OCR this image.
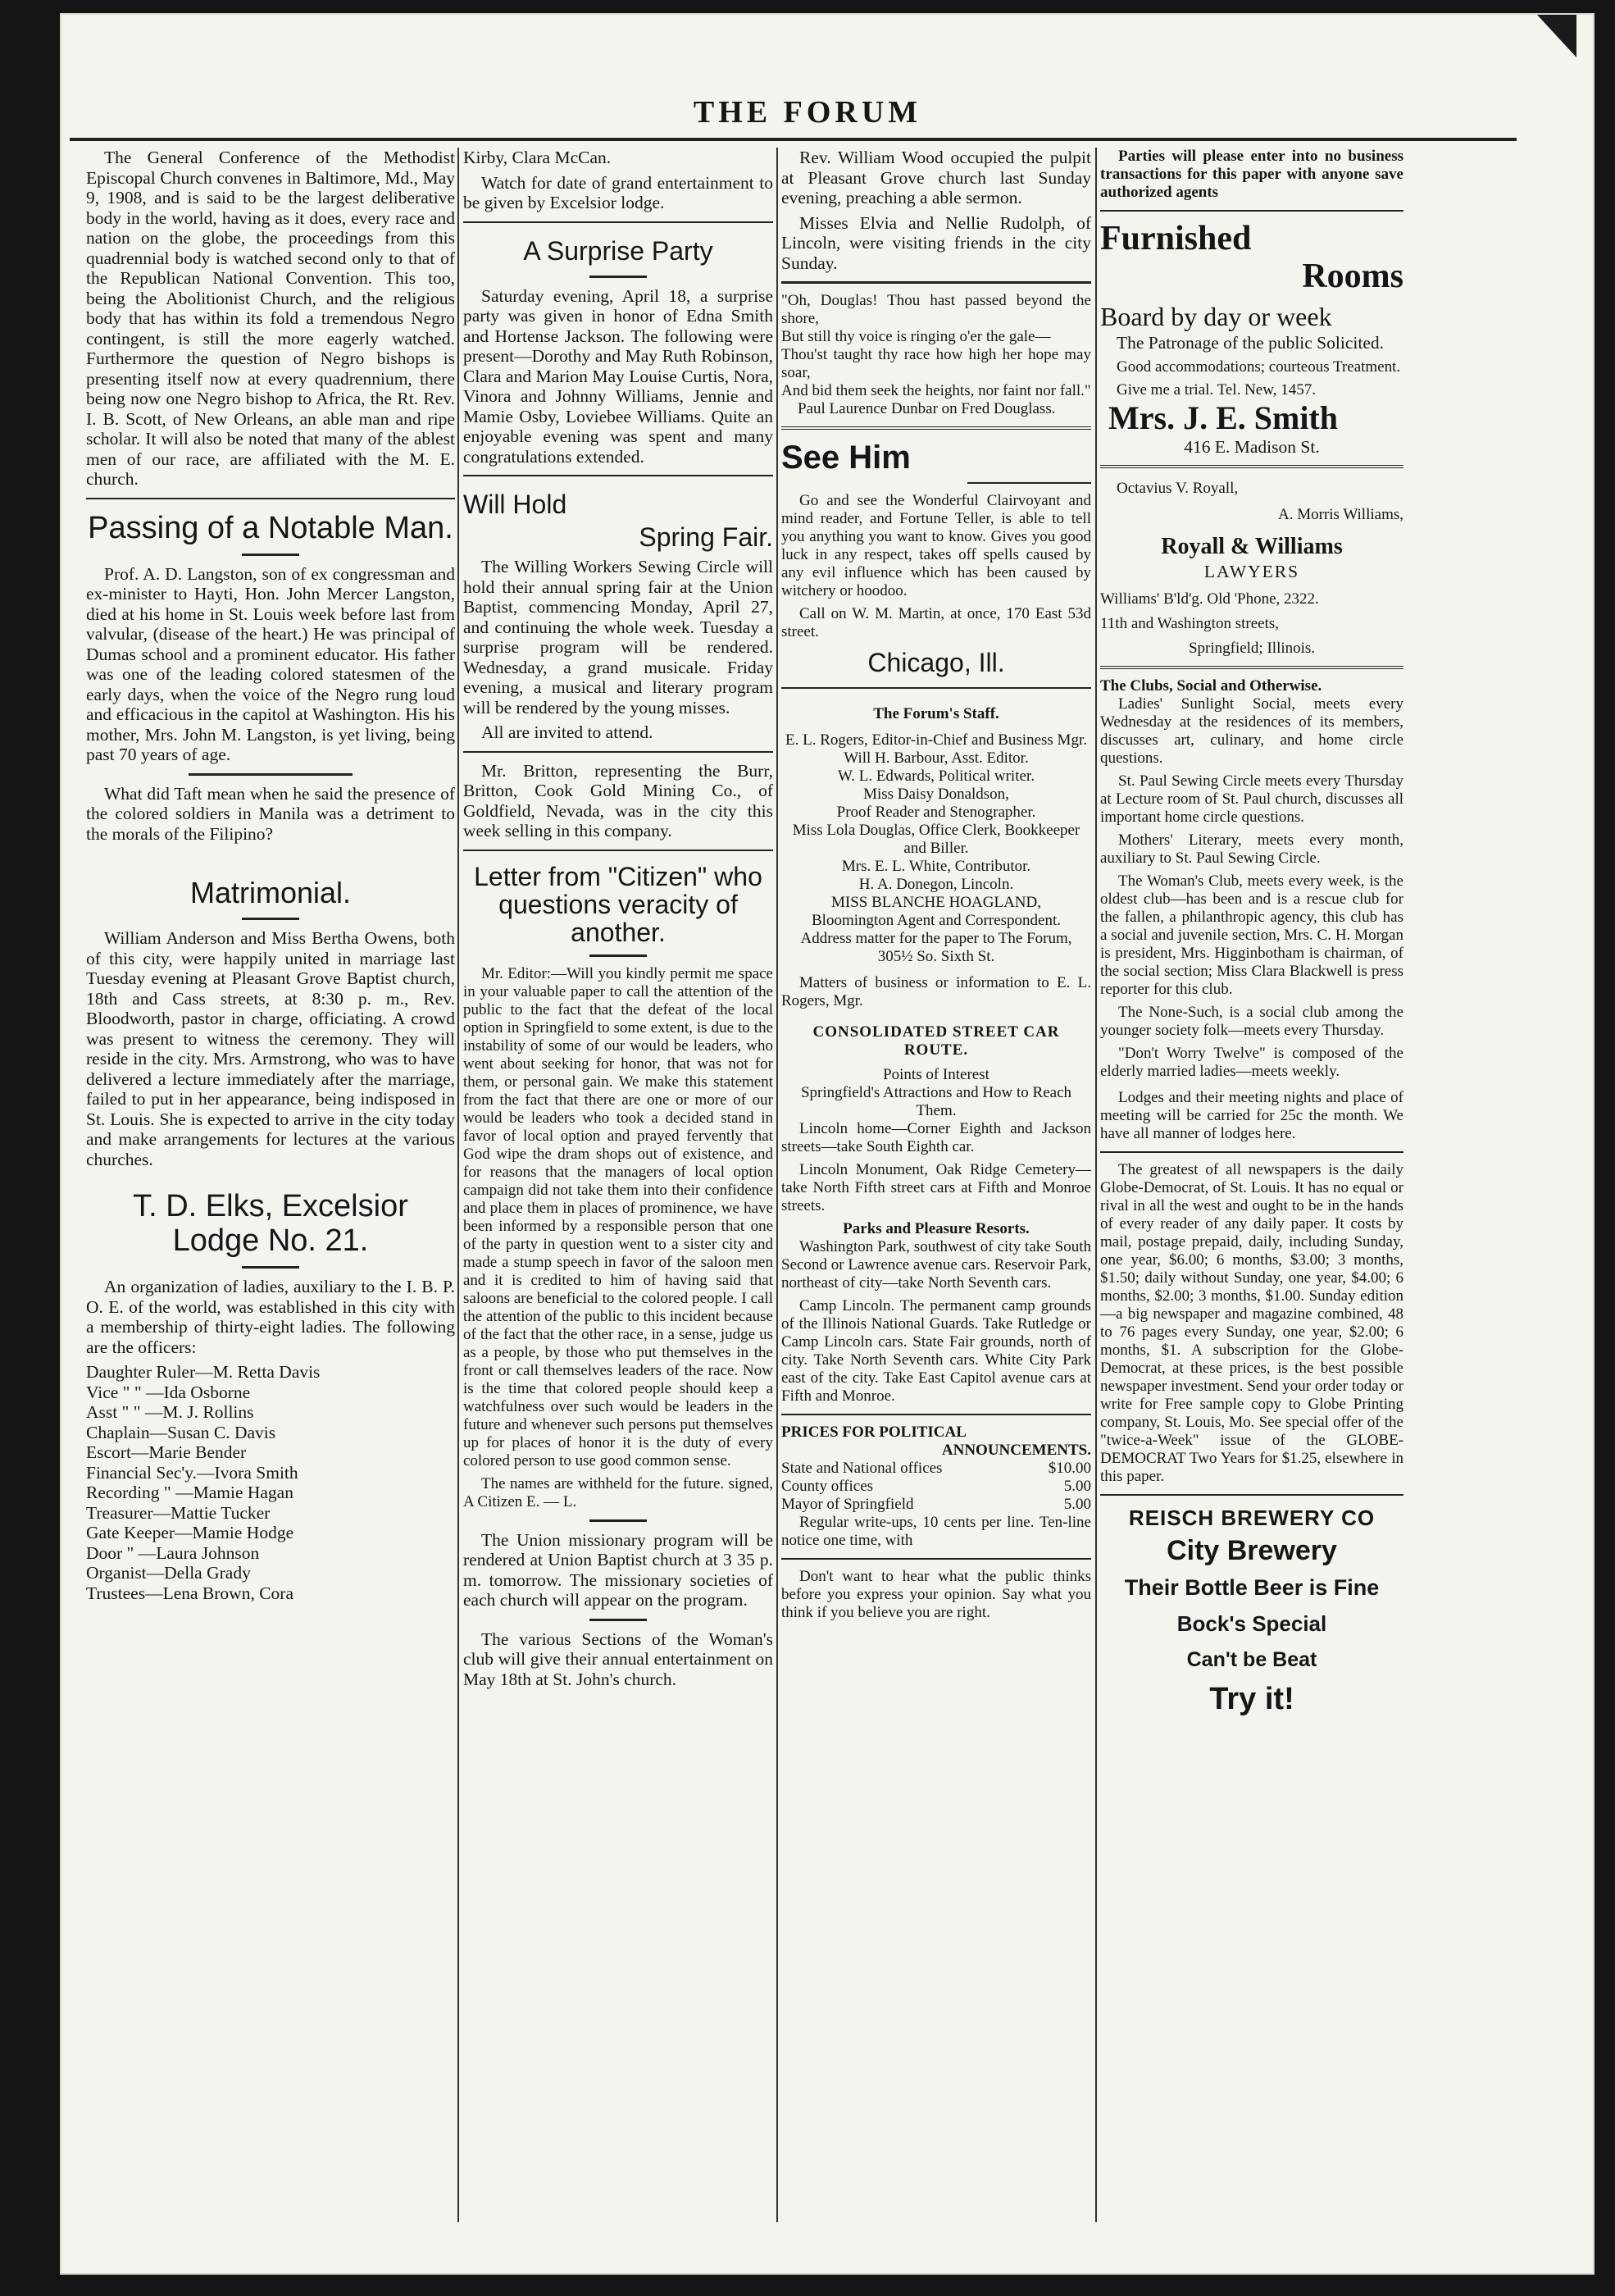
THE FORUM

The General Conference of the Methodist Episcopal Church convenes in Baltimore, Md., May 9, 1908, and is said to be the largest deliberative body in the world, having as it does, every race and nation on the globe, the proceedings from this quadrennial body is watched second only to that of the Republican National Convention. This too, being the Abolitionist Church, and the religious body that has within its fold a tremendous Negro contingent, is still the more eagerly watched. Furthermore the question of Negro bishops is presenting itself now at every quadrennium, there being now one Negro bishop to Africa, the Rt. Rev. I. B. Scott, of New Orleans, an able man and ripe scholar. It will also be noted that many of the ablest men of our race, are affiliated with the M. E. church.

Passing of a Notable Man.

Prof. A. D. Langston, son of ex congressman and ex-minister to Hayti, Hon. John Mercer Langston, died at his home in St. Louis week before last from valvular, (disease of the heart.) He was principal of Dumas school and a prominent educator. His father was one of the leading colored statesmen of the early days, when the voice of the Negro rung loud and efficacious in the capitol at Washington. His his mother, Mrs. John M. Langston, is yet living, being past 70 years of age.

What did Taft mean when he said the presence of the colored soldiers in Manila was a detriment to the morals of the Filipino?

Matrimonial.

William Anderson and Miss Bertha Owens, both of this city, were happily united in marriage last Tuesday evening at Pleasant Grove Baptist church, 18th and Cass streets, at 8:30 p. m., Rev. Bloodworth, pastor in charge, officiating. A crowd was present to witness the ceremony. They will reside in the city. Mrs. Armstrong, who was to have delivered a lecture immediately after the marriage, failed to put in her appearance, being indisposed in St. Louis. She is expected to arrive in the city today and make arrangements for lectures at the various churches.

T. D. Elks, Excelsior Lodge No. 21.

An organization of ladies, auxiliary to the I. B. P. O. E. of the world, was established in this city with a membership of thirty-eight ladies. The following are the officers:

Daughter Ruler—M. Retta Davis
Vice " " —Ida Osborne
Asst " " —M. J. Rollins
Chaplain—Susan C. Davis
Escort—Marie Bender
Financial Sec'y.—Ivora Smith
Recording " —Mamie Hagan
Treasurer—Mattie Tucker
Gate Keeper—Mamie Hodge
Door " —Laura Johnson
Organist—Della Grady
Trustees—Lena Brown, Cora

Kirby, Clara McCan.

Watch for date of grand entertainment to be given by Excelsior lodge.

A Surprise Party

Saturday evening, April 18, a surprise party was given in honor of Edna Smith and Hortense Jackson. The following were present—Dorothy and May Ruth Robinson, Clara and Marion May Louise Curtis, Nora, Vinora and Johnny Williams, Jennie and Mamie Osby, Loviebee Williams. Quite an enjoyable evening was spent and many congratulations extended.

Will Hold
Spring Fair.

The Willing Workers Sewing Circle will hold their annual spring fair at the Union Baptist, commencing Monday, April 27, and continuing the whole week. Tuesday a surprise program will be rendered. Wednesday, a grand musicale. Friday evening, a musical and literary program will be rendered by the young misses.

All are invited to attend.

Mr. Britton, representing the Burr, Britton, Cook Gold Mining Co., of Goldfield, Nevada, was in the city this week selling in this company.

Letter from "Citizen" who questions veracity of another.

Mr. Editor:—Will you kindly permit me space in your valuable paper to call the attention of the public to the fact that the defeat of the local option in Springfield to some extent, is due to the instability of some of our would be leaders, who went about seeking for honor, that was not for them, or personal gain. We make this statement from the fact that there are one or more of our would be leaders who took a decided stand in favor of local option and prayed fervently that God wipe the dram shops out of existence, and for reasons that the managers of local option campaign did not take them into their confidence and place them in places of prominence, we have been informed by a responsible person that one of the party in question went to a sister city and made a stump speech in favor of the saloon men and it is credited to him of having said that saloons are beneficial to the colored people. I call the attention of the public to this incident because of the fact that the other race, in a sense, judge us as a people, by those who put themselves in the front or call themselves leaders of the race. Now is the time that colored people should keep a watchfulness over such would be leaders in the future and whenever such persons put themselves up for places of honor it is the duty of every colored person to use good common sense.

The names are withheld for the future. signed, A Citizen E. — L.

The Union missionary program will be rendered at Union Baptist church at 3 35 p. m. tomorrow. The missionary societies of each church will appear on the program.

The various Sections of the Woman's club will give their annual entertainment on May 18th at St. John's church.

Rev. William Wood occupied the pulpit at Pleasant Grove church last Sunday evening, preaching a able sermon.

Misses Elvia and Nellie Rudolph, of Lincoln, were visiting friends in the city Sunday.

"Oh, Douglas! Thou hast passed beyond the shore,
But still thy voice is ringing o'er the gale—
Thou'st taught thy race how high her hope may soar,
And bid them seek the heights, nor faint nor fall."
Paul Laurence Dunbar on Fred Douglass.
See Him

Go and see the Wonderful Clairvoyant and mind reader, and Fortune Teller, is able to tell you anything you want to know. Gives you good luck in any respect, takes off spells caused by any evil influence which has been caused by witchery or hoodoo.

Call on W. M. Martin, at once, 170 East 53d street.

Chicago, Ill.
The Forum's Staff.
E. L. Rogers, Editor-in-Chief and Business Mgr.
Will H. Barbour, Asst. Editor.
W. L. Edwards, Political writer.
Miss Daisy Donaldson,
Proof Reader and Stenographer.
Miss Lola Douglas, Office Clerk, Bookkeeper and Biller.
Mrs. E. L. White, Contributor.
H. A. Donegon, Lincoln.
MISS BLANCHE HOAGLAND,
Bloomington Agent and Correspondent.
Address matter for the paper to The Forum, 305½ So. Sixth St.

Matters of business or information to E. L. Rogers, Mgr.

CONSOLIDATED STREET CAR ROUTE.
Points of Interest
Springfield's Attractions and How to Reach Them.

Lincoln home—Corner Eighth and Jackson streets—take South Eighth car.

Lincoln Monument, Oak Ridge Cemetery—take North Fifth street cars at Fifth and Monroe streets.

Parks and Pleasure Resorts.

Washington Park, southwest of city take South Second or Lawrence avenue cars. Reservoir Park, northeast of city—take North Seventh cars.

Camp Lincoln. The permanent camp grounds of the Illinois National Guards. Take Rutledge or Camp Lincoln cars. State Fair grounds, north of city. Take North Seventh cars. White City Park east of the city. Take East Capitol avenue cars at Fifth and Monroe.

PRICES FOR POLITICAL
ANNOUNCEMENTS.
State and National offices	$10.00
County offices	5.00
Mayor of Springfield	5.00

Regular write-ups, 10 cents per line. Ten-line notice one time, with

Don't want to hear what the public thinks before you express your opinion. Say what you think if you believe you are right.

Parties will please enter into no business transactions for this paper with anyone save authorized agents

Furnished
Rooms
Board by day or week
The Patronage of the public Solicited.
Good accommodations; courteous Treatment.
Give me a trial. Tel. New, 1457.
Mrs. J. E. Smith
416 E. Madison St.
Octavius V. Royall,
A. Morris Williams,
Royall & Williams
LAWYERS
Williams' B'ld'g. Old 'Phone, 2322.
11th and Washington streets,
Springfield; Illinois.
The Clubs, Social and Otherwise.

Ladies' Sunlight Social, meets every Wednesday at the residences of its members, discusses art, culinary, and home circle questions.

St. Paul Sewing Circle meets every Thursday at Lecture room of St. Paul church, discusses all important home circle questions.

Mothers' Literary, meets every month, auxiliary to St. Paul Sewing Circle.

The Woman's Club, meets every week, is the oldest club—has been and is a rescue club for the fallen, a philanthropic agency, this club has a social and juvenile section, Mrs. C. H. Morgan is president, Mrs. Higginbotham is chairman, of the social section; Miss Clara Blackwell is press reporter for this club.

The None-Such, is a social club among the younger society folk—meets every Thursday.

"Don't Worry Twelve" is composed of the elderly married ladies—meets weekly.

Lodges and their meeting nights and place of meeting will be carried for 25c the month. We have all manner of lodges here.

The greatest of all newspapers is the daily Globe-Democrat, of St. Louis. It has no equal or rival in all the west and ought to be in the hands of every reader of any daily paper. It costs by mail, postage prepaid, daily, including Sunday, one year, $6.00; 6 months, $3.00; 3 months, $1.50; daily without Sunday, one year, $4.00; 6 months, $2.00; 3 months, $1.00. Sunday edition—a big newspaper and magazine combined, 48 to 76 pages every Sunday, one year, $2.00; 6 months, $1. A subscription for the Globe-Democrat, at these prices, is the best possible newspaper investment. Send your order today or write for Free sample copy to Globe Printing company, St. Louis, Mo. See special offer of the "twice-a-Week" issue of the GLOBE-DEMOCRAT Two Years for $1.25, elsewhere in this paper.

REISCH BREWERY CO
City Brewery
Their Bottle Beer is Fine
Bock's Special
Can't be Beat
Try it!
